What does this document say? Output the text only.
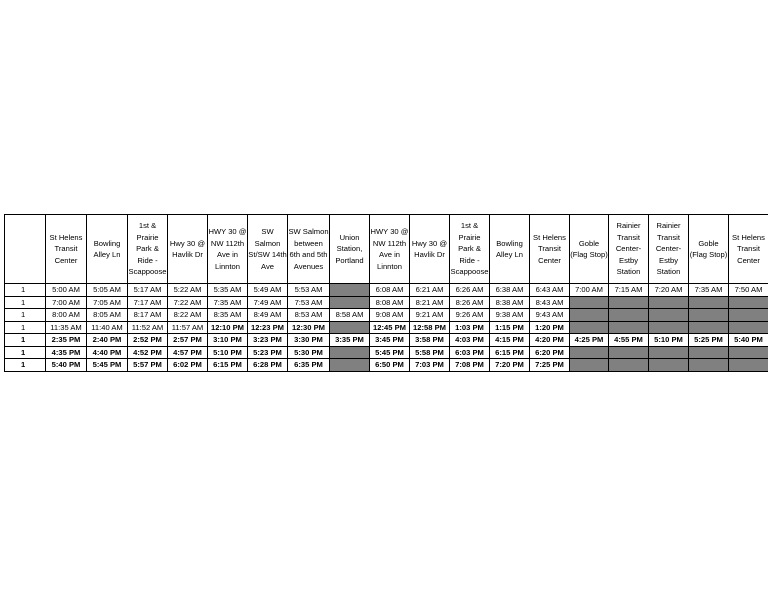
	St Helens Transit Center	Bowling Alley Ln	1st & Prairie Park & Ride - Scappoose	Hwy 30 @ Havlik Dr	HWY 30 @ NW 112th Ave in Linnton	SW Salmon St/SW 14th Ave	SW Salmon between 6th and 5th Avenues	Union Station, Portland	HWY 30 @ NW 112th Ave in Linnton	Hwy 30 @ Havlik Dr	1st & Prairie Park & Ride - Scappoose	Bowling Alley Ln	St Helens Transit Center	Goble (Flag Stop)	Rainier Transit Center- Estby Station	Rainier Transit Center- Estby Station	Goble (Flag Stop)	St Helens Transit Center
1	5:00 AM	5:05 AM	5:17 AM	5:22 AM	5:35 AM	5:49 AM	5:53 AM		6:08 AM	6:21 AM	6:26 AM	6:38 AM	6:43 AM	7:00 AM	7:15 AM	7:20 AM	7:35 AM	7:50 AM
1	7:00 AM	7:05 AM	7:17 AM	7:22 AM	7:35 AM	7:49 AM	7:53 AM		8:08 AM	8:21 AM	8:26 AM	8:38 AM	8:43 AM					
1	8:00 AM	8:05 AM	8:17 AM	8:22 AM	8:35 AM	8:49 AM	8:53 AM	8:58 AM	9:08 AM	9:21 AM	9:26 AM	9:38 AM	9:43 AM					
1	11:35 AM	11:40 AM	11:52 AM	11:57 AM	12:10 PM	12:23 PM	12:30 PM		12:45 PM	12:58 PM	1:03 PM	1:15 PM	1:20 PM					
1	2:35 PM	2:40 PM	2:52 PM	2:57 PM	3:10 PM	3:23 PM	3:30 PM	3:35 PM	3:45 PM	3:58 PM	4:03 PM	4:15 PM	4:20 PM	4:25 PM	4:55 PM	5:10 PM	5:25 PM	5:40 PM
1	4:35 PM	4:40 PM	4:52 PM	4:57 PM	5:10 PM	5:23 PM	5:30 PM		5:45 PM	5:58 PM	6:03 PM	6:15 PM	6:20 PM					
1	5:40 PM	5:45 PM	5:57 PM	6:02 PM	6:15 PM	6:28 PM	6:35 PM		6:50 PM	7:03 PM	7:08 PM	7:20 PM	7:25 PM					
